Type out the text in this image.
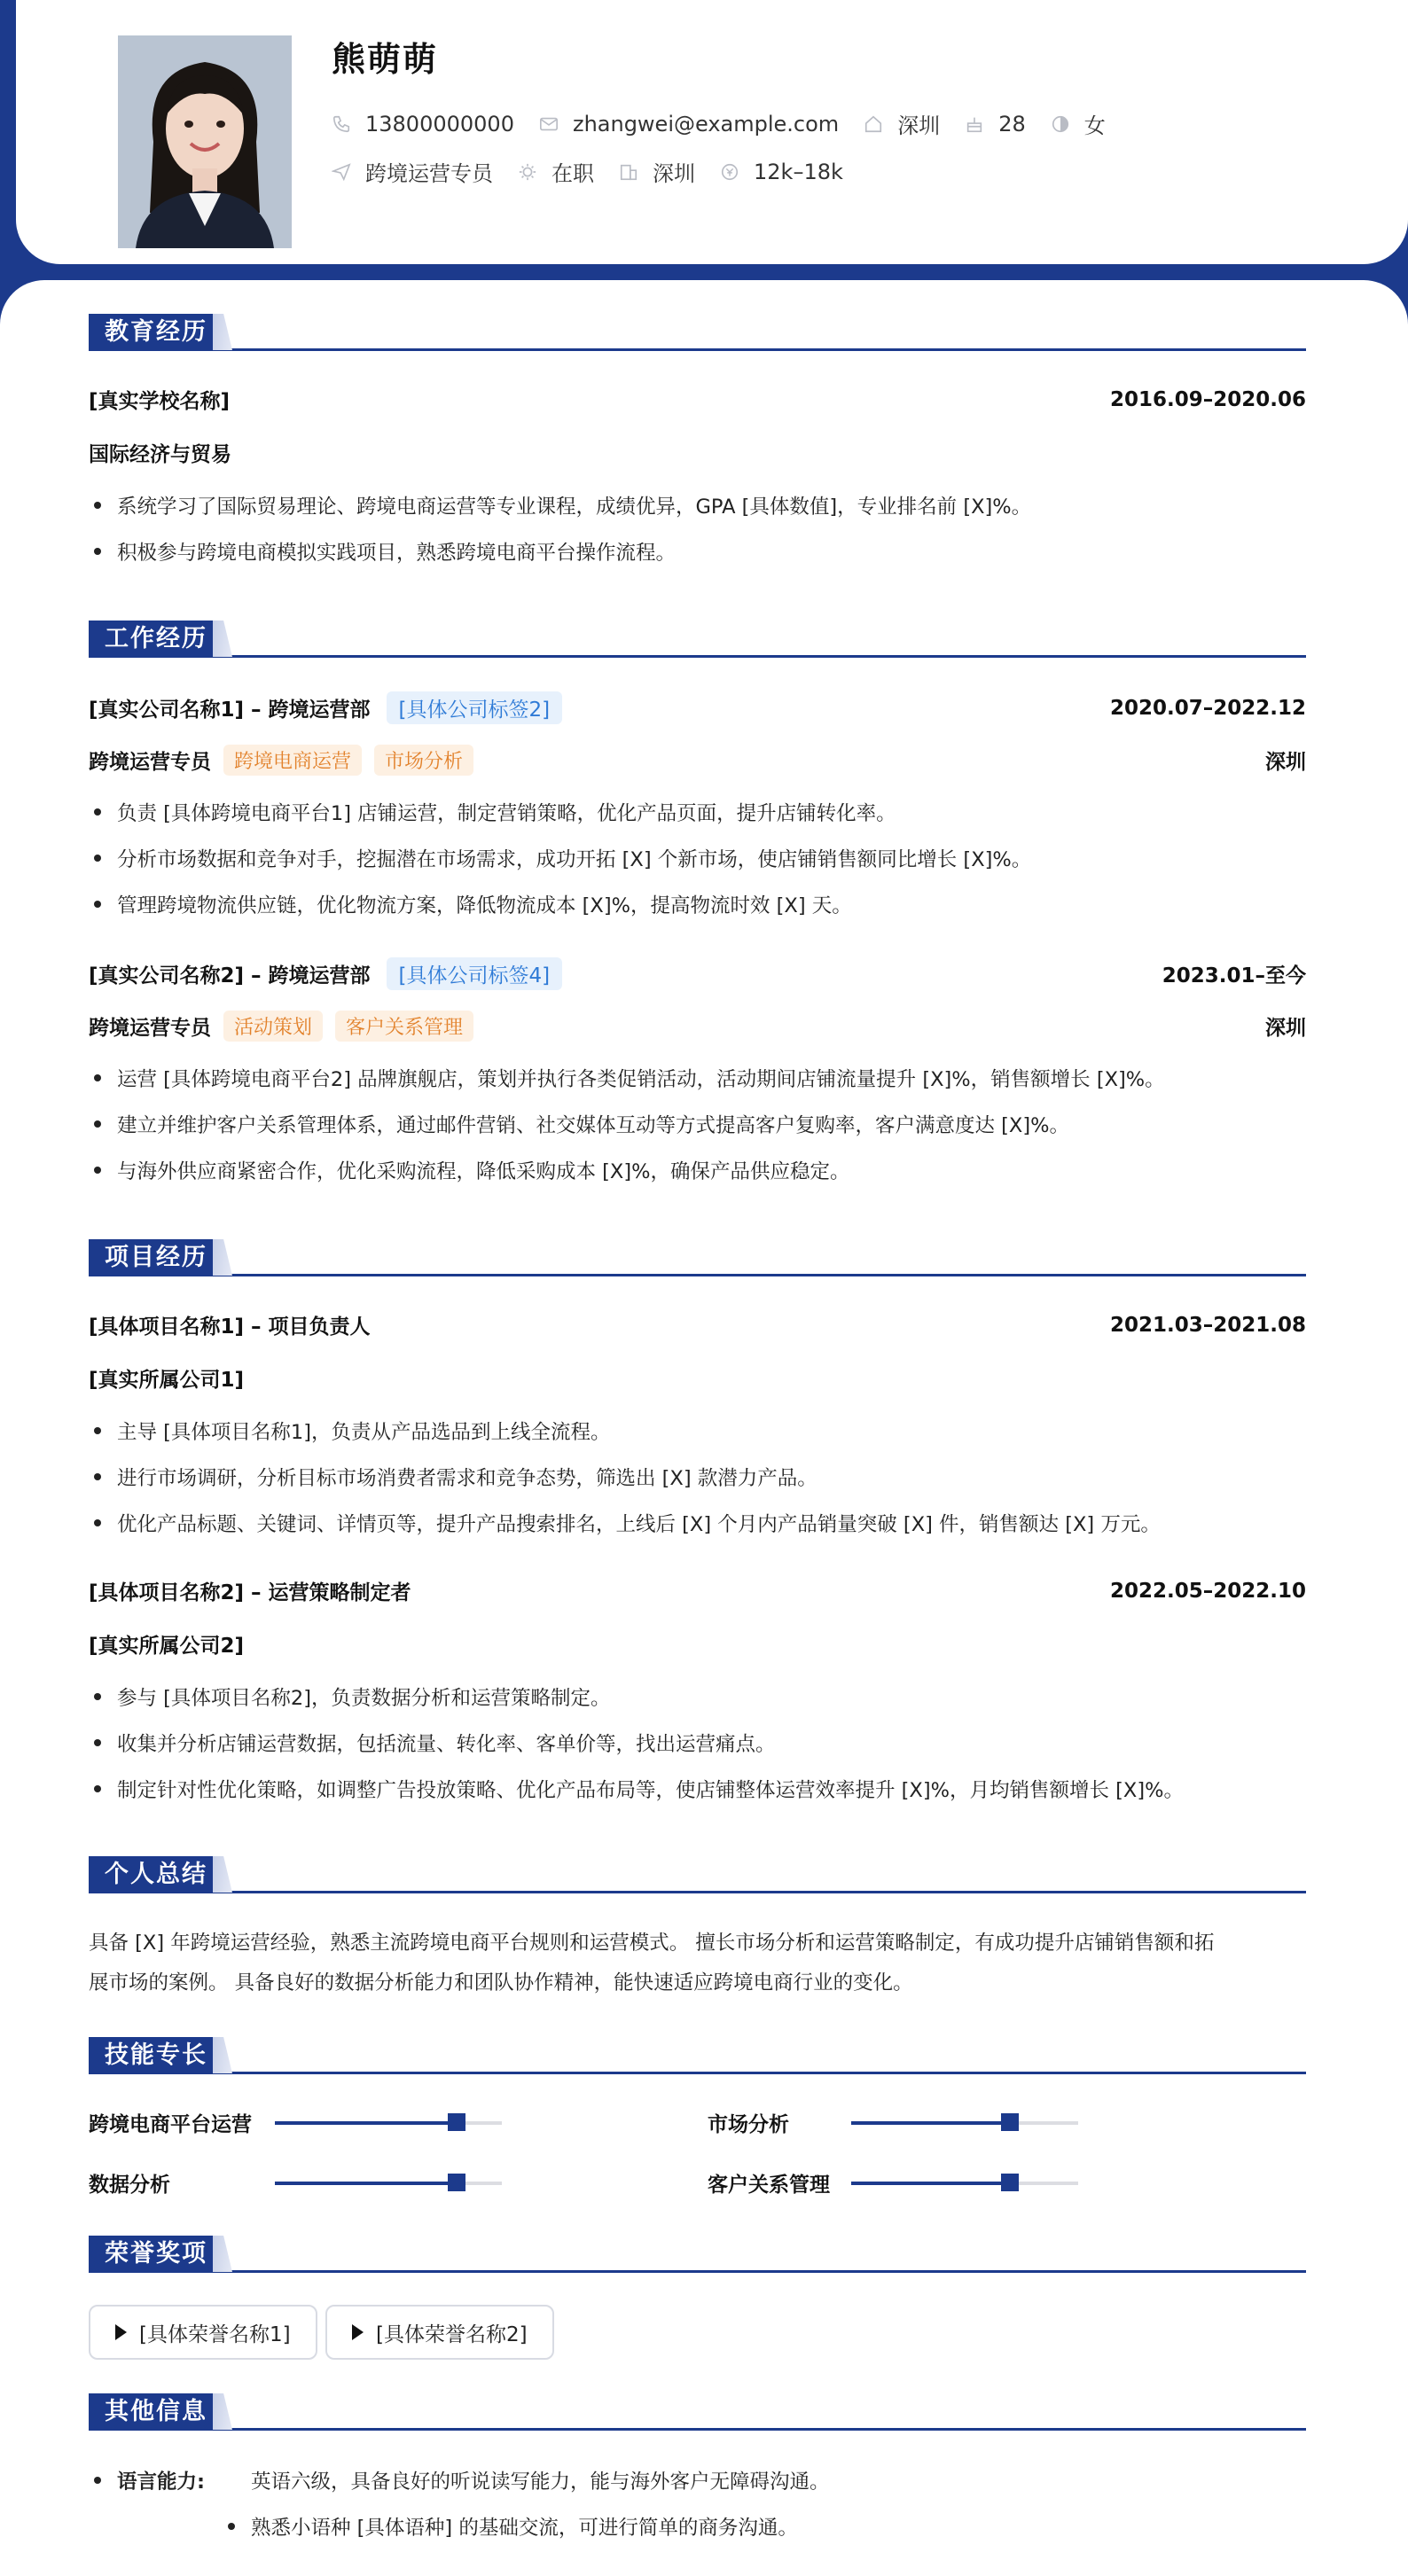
熊萌萌
13800000000	zhangwei@example.com	深圳	28	女
跨境运营专员	在职	深圳	12k–18k
教育经历
[真实学校名称]	2016.09–2020.06
国际经济与贸易
系统学习了国际贸易理论、跨境电商运营等专业课程，成绩优异，GPA [具体数值]，专业排名前 [X]%。
积极参与跨境电商模拟实践项目，熟悉跨境电商平台操作流程。
工作经历
[真实公司名称1] – 跨境运营部	[具体公司标签2]	2020.07–2022.12
跨境运营专员	跨境电商运营	市场分析	深圳
负责 [具体跨境电商平台1] 店铺运营，制定营销策略，优化产品页面，提升店铺转化率。
分析市场数据和竞争对手，挖掘潜在市场需求，成功开拓 [X] 个新市场，使店铺销售额同比增长 [X]%。
管理跨境物流供应链，优化物流方案，降低物流成本 [X]%，提高物流时效 [X] 天。
[真实公司名称2] – 跨境运营部	[具体公司标签4]	2023.01–至今
跨境运营专员	活动策划	客户关系管理	深圳
运营 [具体跨境电商平台2] 品牌旗舰店，策划并执行各类促销活动，活动期间店铺流量提升 [X]%，销售额增长 [X]%。
建立并维护客户关系管理体系，通过邮件营销、社交媒体互动等方式提高客户复购率，客户满意度达 [X]%。
与海外供应商紧密合作，优化采购流程，降低采购成本 [X]%，确保产品供应稳定。
项目经历
[具体项目名称1] – 项目负责人	2021.03–2021.08
[真实所属公司1]
主导 [具体项目名称1]，负责从产品选品到上线全流程。
进行市场调研，分析目标市场消费者需求和竞争态势，筛选出 [X] 款潜力产品。
优化产品标题、关键词、详情页等，提升产品搜索排名，上线后 [X] 个月内产品销量突破 [X] 件，销售额达 [X] 万元。
[具体项目名称2] – 运营策略制定者	2022.05–2022.10
[真实所属公司2]
参与 [具体项目名称2]，负责数据分析和运营策略制定。
收集并分析店铺运营数据，包括流量、转化率、客单价等，找出运营痛点。
制定针对性优化策略，如调整广告投放策略、优化产品布局等，使店铺整体运营效率提升 [X]%，月均销售额增长 [X]%。
个人总结
具备 [X] 年跨境运营经验，熟悉主流跨境电商平台规则和运营模式。 擅长市场分析和运营策略制定，有成功提升店铺销售额和拓
展市场的案例。 具备良好的数据分析能力和团队协作精神，能快速适应跨境电商行业的变化。
技能专长
跨境电商平台运营	市场分析
数据分析	客户关系管理
荣誉奖项
[具体荣誉名称1]	[具体荣誉名称2]
其他信息
语言能力: 英语六级，具备良好的听说读写能力，能与海外客户无障碍沟通。
熟悉小语种 [具体语种] 的基础交流，可进行简单的商务沟通。
